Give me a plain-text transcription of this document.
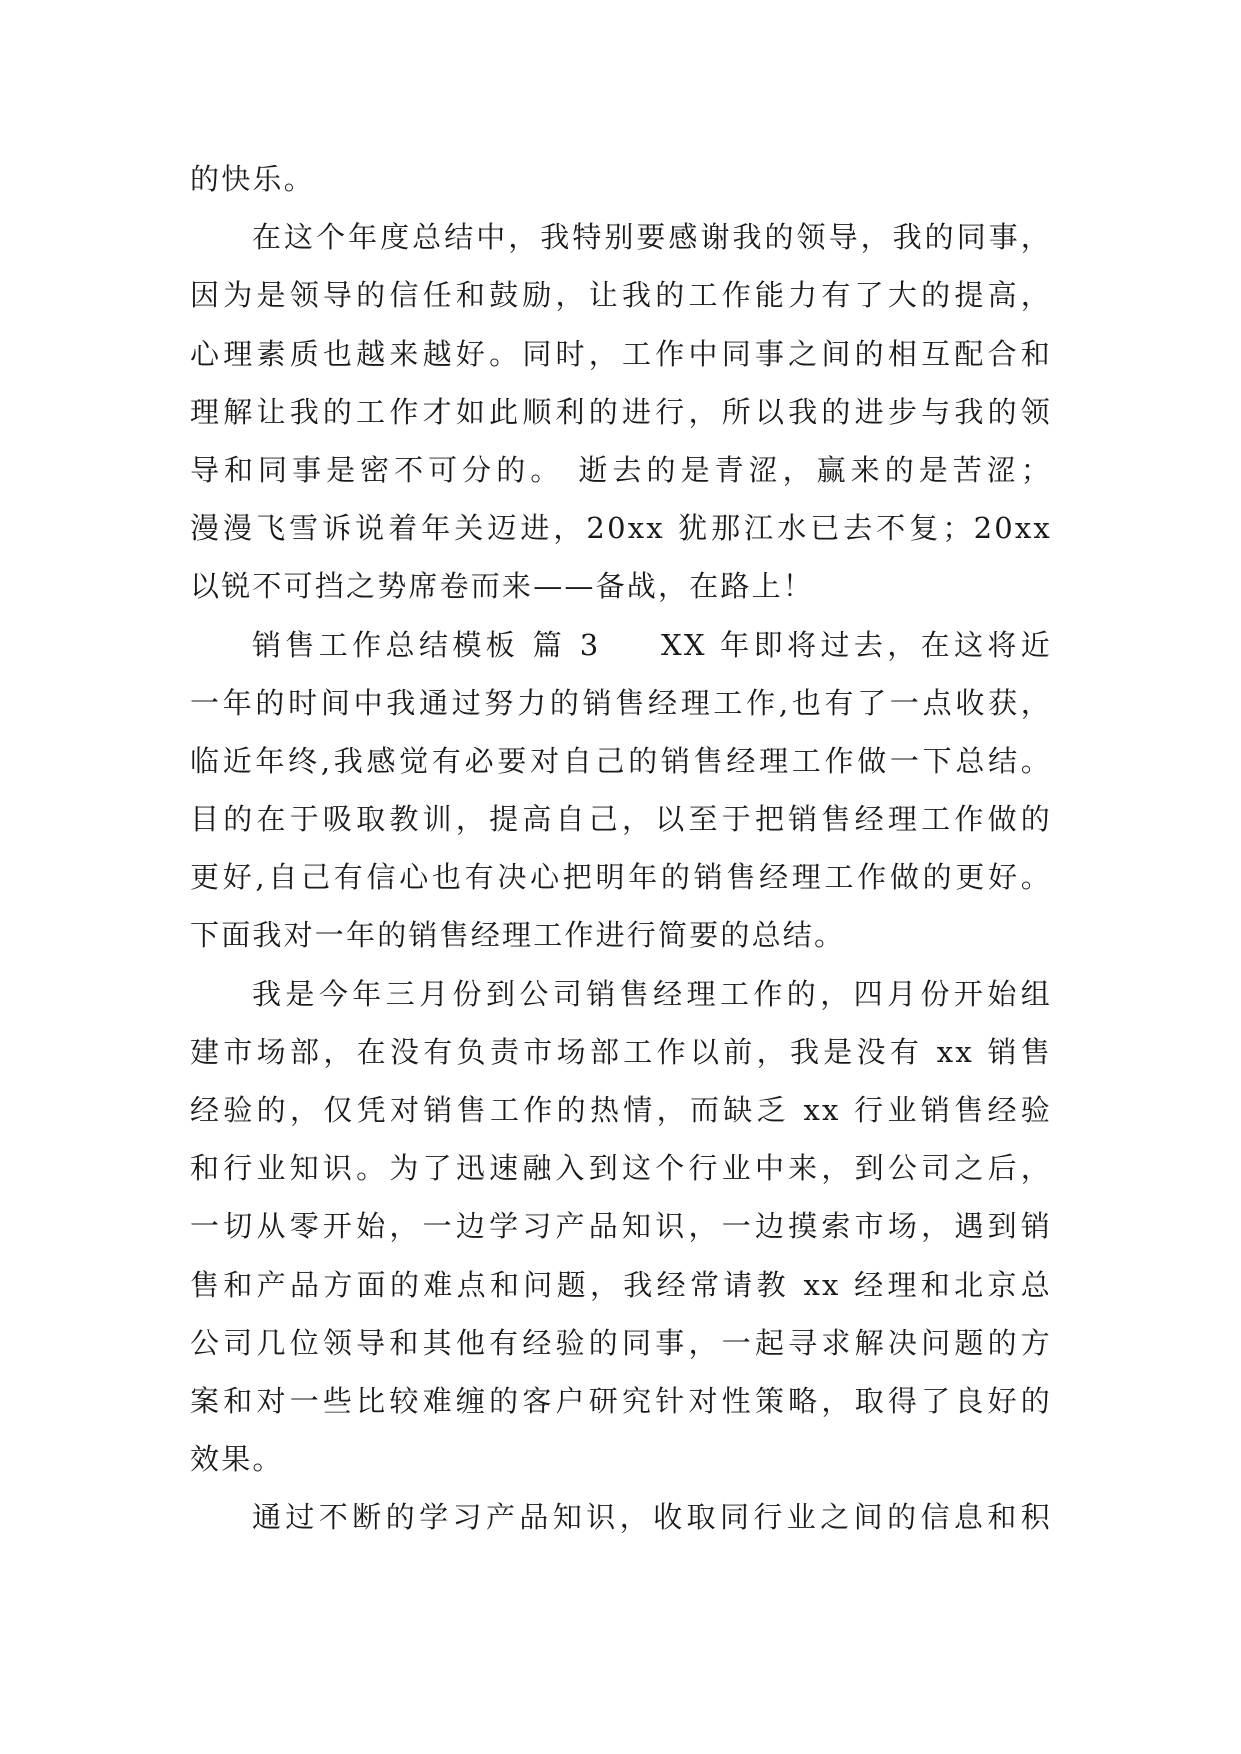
的快乐。
在这个年度总结中，我特别要感谢我的领导，我的同事，
因为是领导的信任和鼓励，让我的工作能力有了大的提高，
心理素质也越来越好。同时，工作中同事之间的相互配合和
理解让我的工作才如此顺利的进行，所以我的进步与我的领
导和同事是密不可分的。 逝去的是青涩，赢来的是苦涩；
漫漫飞雪诉说着年关迈进，20xx 犹那江水已去不复；20xx
以锐不可挡之势席卷而来——备战，在路上！
销售工作总结模板 篇 3 　 XX 年即将过去，在这将近
一年的时间中我通过努力的销售经理工作,也有了一点收获，
临近年终,我感觉有必要对自己的销售经理工作做一下总结。
目的在于吸取教训，提高自己，以至于把销售经理工作做的
更好,自己有信心也有决心把明年的销售经理工作做的更好。
下面我对一年的销售经理工作进行简要的总结。
我是今年三月份到公司销售经理工作的，四月份开始组
建市场部，在没有负责市场部工作以前，我是没有 xx 销售
经验的，仅凭对销售工作的热情，而缺乏 xx 行业销售经验
和行业知识。为了迅速融入到这个行业中来，到公司之后，
一切从零开始，一边学习产品知识，一边摸索市场，遇到销
售和产品方面的难点和问题，我经常请教 xx 经理和北京总
公司几位领导和其他有经验的同事，一起寻求解决问题的方
案和对一些比较难缠的客户研究针对性策略，取得了良好的
效果。
通过不断的学习产品知识，收取同行业之间的信息和积
